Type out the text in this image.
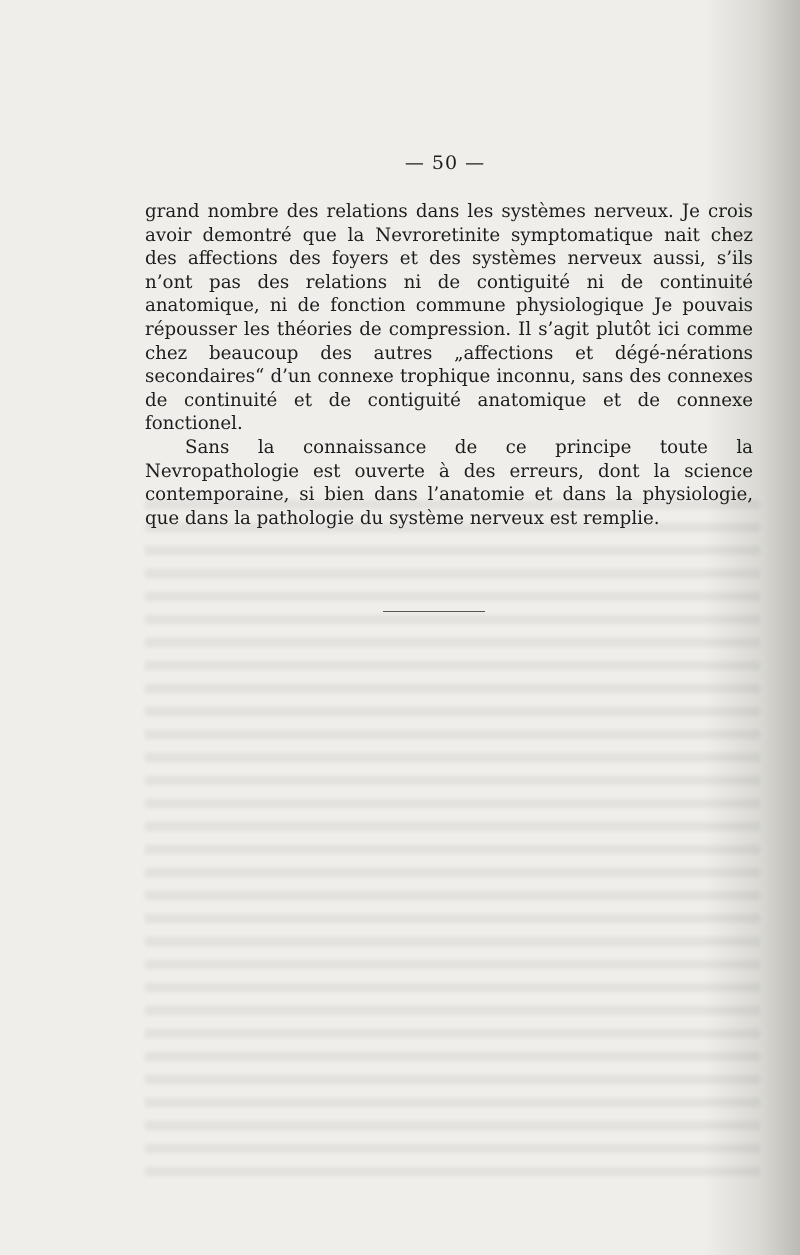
— 50 —

grand nombre des relations dans les systèmes nerveux. Je crois avoir demontré que la Nevroretinite symptomatique nait chez des affections des foyers et des systèmes nerveux aussi, s’ils n’ont pas des relations ni de contiguité ni de continuité anatomique, ni de fonction commune physiologique Je pouvais répousser les théories de compression. Il s’agit plutôt ici comme chez beaucoup des autres „affections et dégé-nérations secondaires“ d’un connexe trophique inconnu, sans des connexes de continuité et de contiguité anatomique et de connexe fonctionel.

Sans la connaissance de ce principe toute la Nevropathologie est ouverte à des erreurs, dont la science contemporaine, si bien dans l’anatomie et dans la physiologie, que dans la pathologie du système nerveux est remplie.
